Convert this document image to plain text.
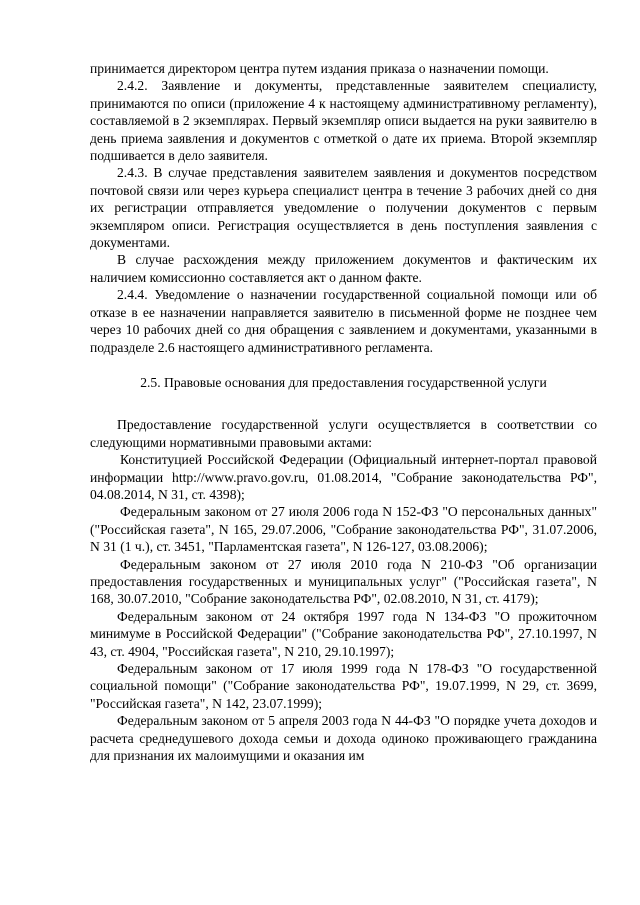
принимается директором центра путем издания приказа о назначении помощи.

2.4.2. Заявление и документы, представленные заявителем специалисту, принимаются по описи (приложение 4 к настоящему административному регламенту), составляемой в 2 экземплярах. Первый экземпляр описи выдается на руки заявителю в день приема заявления и документов с отметкой о дате их приема. Второй экземпляр подшивается в дело заявителя.

2.4.3. В случае представления заявителем заявления и документов посредством почтовой связи или через курьера специалист центра в течение 3 рабочих дней со дня их регистрации отправляется уведомление о получении документов с первым экземпляром описи. Регистрация осуществляется в день поступления заявления с документами.

В случае расхождения между приложением документов и фактическим их наличием комиссионно составляется акт о данном факте.

2.4.4. Уведомление о назначении государственной социальной помощи или об отказе в ее назначении направляется заявителю в письменной форме не позднее чем через 10 рабочих дней со дня обращения с заявлением и документами, указанными в подразделе 2.6 настоящего административного регламента.

2.5. Правовые основания для предоставления государственной услуги

Предоставление государственной услуги осуществляется в соответствии со следующими нормативными правовыми актами:

Конституцией Российской Федерации (Официальный интернет-портал правовой информации http://www.pravo.gov.ru, 01.08.2014, "Собрание законодательства РФ", 04.08.2014, N 31, ст. 4398);

Федеральным законом от 27 июля 2006 года N 152-ФЗ "О персональных данных" ("Российская газета", N 165, 29.07.2006, "Собрание законодательства РФ", 31.07.2006, N 31 (1 ч.), ст. 3451, "Парламентская газета", N 126-127, 03.08.2006);

Федеральным законом от 27 июля 2010 года N 210-ФЗ "Об организации предоставления государственных и муниципальных услуг" ("Российская газета", N 168, 30.07.2010, "Собрание законодательства РФ", 02.08.2010, N 31, ст. 4179);

Федеральным законом от 24 октября 1997 года N 134-ФЗ "О прожиточном минимуме в Российской Федерации" ("Собрание законодательства РФ", 27.10.1997, N 43, ст. 4904, "Российская газета", N 210, 29.10.1997);

Федеральным законом от 17 июля 1999 года N 178-ФЗ "О государственной социальной помощи" ("Собрание законодательства РФ", 19.07.1999, N 29, ст. 3699, "Российская газета", N 142, 23.07.1999);

Федеральным законом от 5 апреля 2003 года N 44-ФЗ "О порядке учета доходов и расчета среднедушевого дохода семьи и дохода одиноко проживающего гражданина для признания их малоимущими и оказания им
